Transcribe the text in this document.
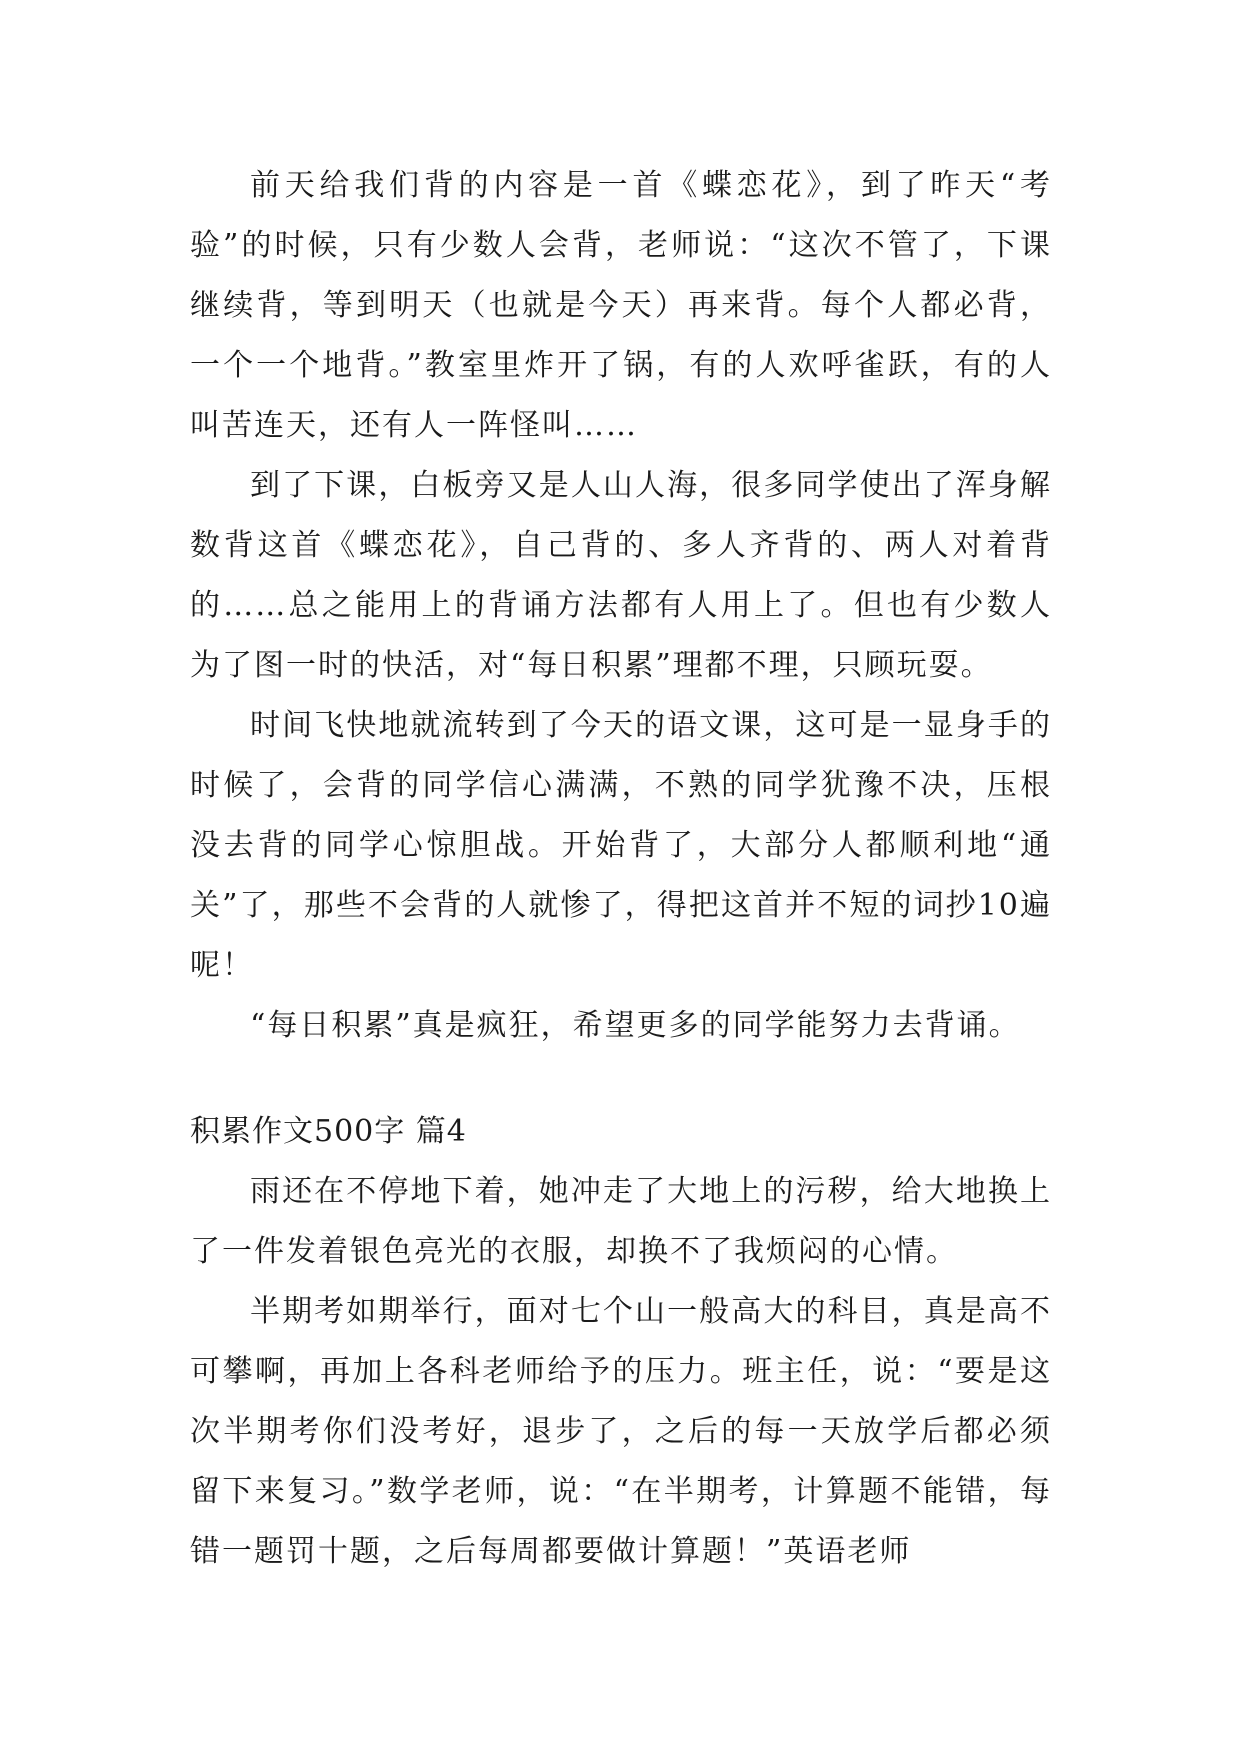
前天给我们背的内容是一首《蝶恋花》，到了昨天“考验”的时候，只有少数人会背，老师说：“这次不管了，下课继续背，等到明天（也就是今天）再来背。每个人都必背，一个一个地背。”教室里炸开了锅，有的人欢呼雀跃，有的人叫苦连天，还有人一阵怪叫……

到了下课，白板旁又是人山人海，很多同学使出了浑身解数背这首《蝶恋花》，自己背的、多人齐背的、两人对着背的……总之能用上的背诵方法都有人用上了。但也有少数人为了图一时的快活，对“每日积累”理都不理，只顾玩耍。

时间飞快地就流转到了今天的语文课，这可是一显身手的时候了，会背的同学信心满满，不熟的同学犹豫不决，压根没去背的同学心惊胆战。开始背了，大部分人都顺利地“通关”了，那些不会背的人就惨了，得把这首并不短的词抄10遍呢！

“每日积累”真是疯狂，希望更多的同学能努力去背诵。

积累作文500字 篇4

雨还在不停地下着，她冲走了大地上的污秽，给大地换上了一件发着银色亮光的衣服，却换不了我烦闷的心情。

半期考如期举行，面对七个山一般高大的科目，真是高不可攀啊，再加上各科老师给予的压力。班主任，说：“要是这次半期考你们没考好，退步了，之后的每一天放学后都必须留下来复习。”数学老师，说：“在半期考，计算题不能错，每错一题罚十题，之后每周都要做计算题！”英语老师
